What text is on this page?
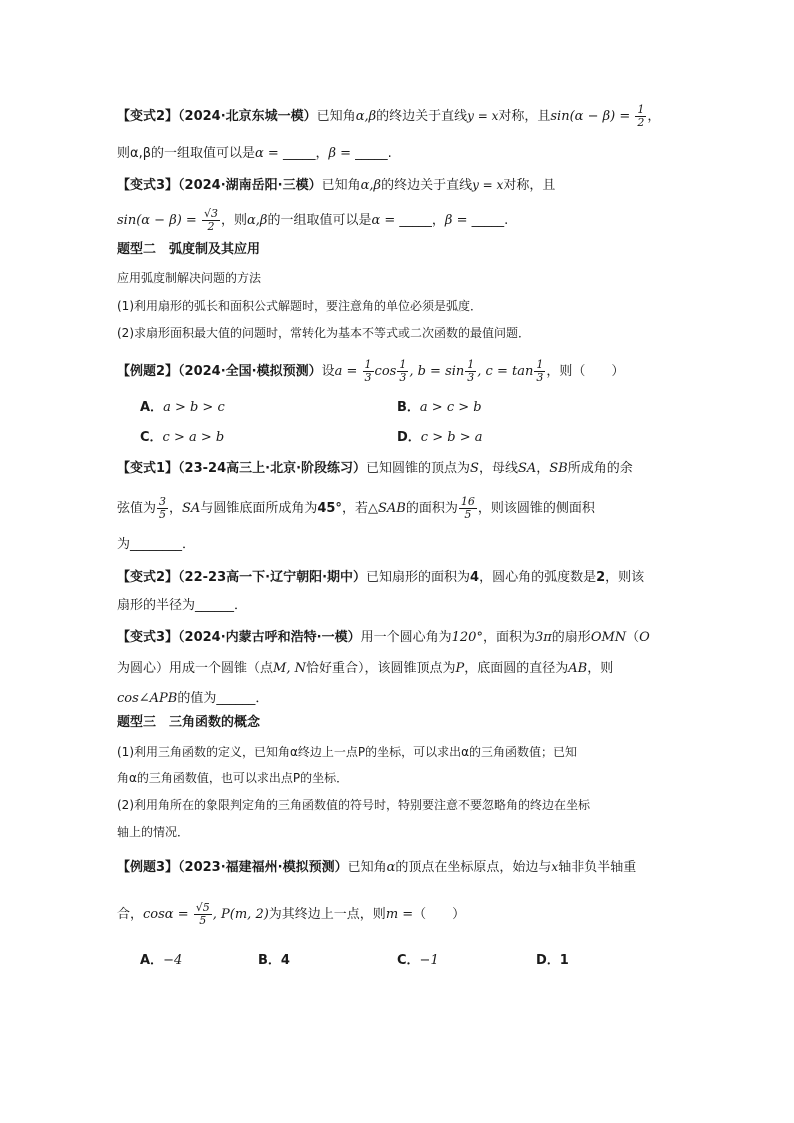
【变式2】（2024·北京东城一模）已知角α,β的终边关于直线y = x对称，且$\sin(\alpha - \beta) = \frac{1}{2}$ ，
则α,β的一组取值可以是α = _____，β = _____.
【变式3】（2024·湖南岳阳·三模）已知角α,β的终边关于直线y = x对称，且
$\sin(\alpha - \beta) = \frac{√3}{2}$ ，则α,β的一组取值可以是α = _____，β = _____.
题型二　弧度制及其应用
应用弧度制解决问题的方法
(1)利用扇形的弧长和面积公式解题时，要注意角的单位必须是弧度．
(2)求扇形面积最大值的问题时，常转化为基本不等式或二次函数的最值问题．
【例题2】（2024·全国·模拟预测）设$a = \frac{1}{3}$ $\cos \frac{1}{3}$ , $b = \sin \frac{1}{3}$ , $c = \tan \frac{1}{3}$ ，则（　　）
A．a > b > c	B．a > c > b
C．c > a > b	D．c > b > a
【变式1】（23-24高三上·北京·阶段练习）已知圆锥的顶点为S，母线SA，SB所成角的余
弦值为 $\frac{3}{5}$ ，SA与圆锥底面所成角为45°，若△SAB的面积为 $\frac{16}{5}$ ，则该圆锥的侧面积
为________．
【变式2】（22-23高一下·辽宁朝阳·期中）已知扇形的面积为4，圆心角的弧度数是2，则该
扇形的半径为______．
【变式3】（2024·内蒙古呼和浩特·一模）用一个圆心角为120°，面积为3π的扇形OMN（O
为圆心）用成一个圆锥（点M, N恰好重合），该圆锥顶点为P，底面圆的直径为AB，则
cos∠APB的值为______．
题型三　三角函数的概念
(1)利用三角函数的定义，已知角α终边上一点P的坐标，可以求出α的三角函数值；已知
角α的三角函数值，也可以求出点P的坐标．
(2)利用角所在的象限判定角的三角函数值的符号时，特别要注意不要忽略角的终边在坐标
轴上的情况．
【例题3】（2023·福建福州·模拟预测）已知角α的顶点在坐标原点，始边与x轴非负半轴重
合，$\cos\alpha = \frac{√5}{5}$ , P(m, 2)为其终边上一点，则m =（　　）
A．−4	B．4	C．−1	D．1
